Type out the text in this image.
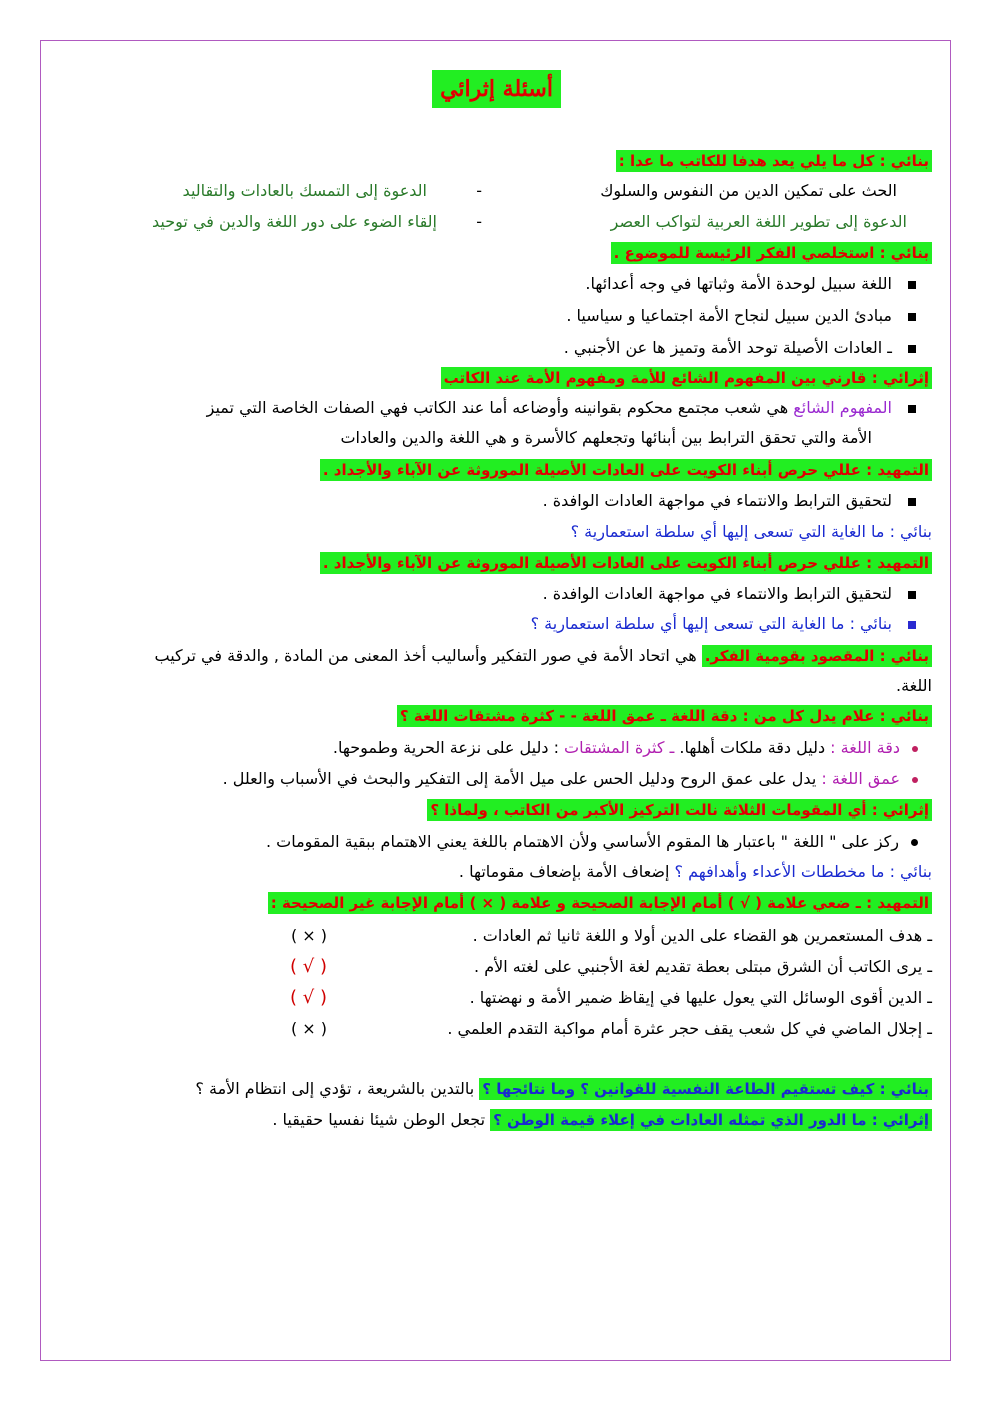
أسئلة إثرائي
بنائي : كل ما يلي يعد هدفا للكاتب ما عدا :
الحث على تمكين الدين من النفوس والسلوك
-
الدعوة إلى التمسك بالعادات والتقاليد
الدعوة إلى تطوير اللغة العربية لتواكب العصر
-
إلقاء الضوء على دور اللغة والدين في توحيد
بنائي : استخلصي الفكر الرئيسة للموضوع .
اللغة سبيل لوحدة الأمة وثباتها في وجه أعدائها.
مبادئ الدين سبيل لنجاح الأمة اجتماعيا و سياسيا .
ـ العادات الأصيلة توحد الأمة وتميز ها عن الأجنبي .
إثرائي : قارني بين المفهوم الشائع للأمة ومفهوم الأمة عند الكاتب
المفهوم الشائع هي شعب مجتمع محكوم بقوانينه وأوضاعه أما عند الكاتب فهي الصفات الخاصة التي تميز
الأمة والتي تحقق الترابط بين أبنائها وتجعلهم كالأسرة و هي اللغة والدين والعادات
التمهيد : عللي حرص أبناء الكويت على العادات الأصيلة الموروثة عن الآباء والأجداد .
لتحقيق الترابط والانتماء في مواجهة العادات الوافدة .
بنائي : ما الغاية التي تسعى إليها أي سلطة استعمارية ؟
التمهيد : عللي حرص أبناء الكويت على العادات الأصيلة الموروثة عن الآباء والأجداد .
لتحقيق الترابط والانتماء في مواجهة العادات الوافدة .
بنائي : ما الغاية التي تسعى إليها أي سلطة استعمارية ؟
بنائي : المقصود بقومية الفكر. هي اتحاد الأمة في صور التفكير وأساليب أخذ المعنى من المادة , والدقة في تركيب
اللغة.
بنائي : علام يدل كل من : دقة اللغة ـ عمق اللغة - - كثرة مشتقات اللغة ؟
دقة اللغة : دليل دقة ملكات أهلها. ـ كثرة المشتقات : دليل على نزعة الحرية وطموحها.
عمق اللغة : يدل على عمق الروح ودليل الحس على ميل الأمة إلى التفكير والبحث في الأسباب والعلل .
إثرائي : أي المقومات الثلاثة نالت التركيز الأكبر من الكاتب ، ولماذا ؟
ركز على " اللغة " باعتبار ها المقوم الأساسي ولأن الاهتمام باللغة يعني الاهتمام ببقية المقومات .
بنائي : ما مخططات الأعداء وأهدافهم ؟ إضعاف الأمة بإضعاف مقوماتها .
التمهيد : ـ ضعي علامة ( √ ) أمام الإجابة الصحيحة و علامة ( × ) أمام الإجابة غير الصحيحة :
ـ هدف المستعمرين هو القضاء على الدين أولا و اللغة ثانيا ثم العادات .
( × )
ـ يرى الكاتب أن الشرق مبتلى بعطة تقديم لغة الأجنبي على لغته الأم .
( √ )
ـ الدين أقوى الوسائل التي يعول عليها في إيقاظ ضمير الأمة و نهضتها .
( √ )
ـ إجلال الماضي في كل شعب يقف حجر عثرة أمام مواكبة التقدم العلمي .
( × )
بنائي : كيف تستقيم الطاعة النفسية للقوانين ؟ وما نتائجها ؟ بالتدين بالشريعة ، تؤدي إلى انتظام الأمة ؟
إثرائي : ما الدور الذي تمثله العادات في إعلاء قيمة الوطن ؟ تجعل الوطن شيئا نفسيا حقيقيا .
